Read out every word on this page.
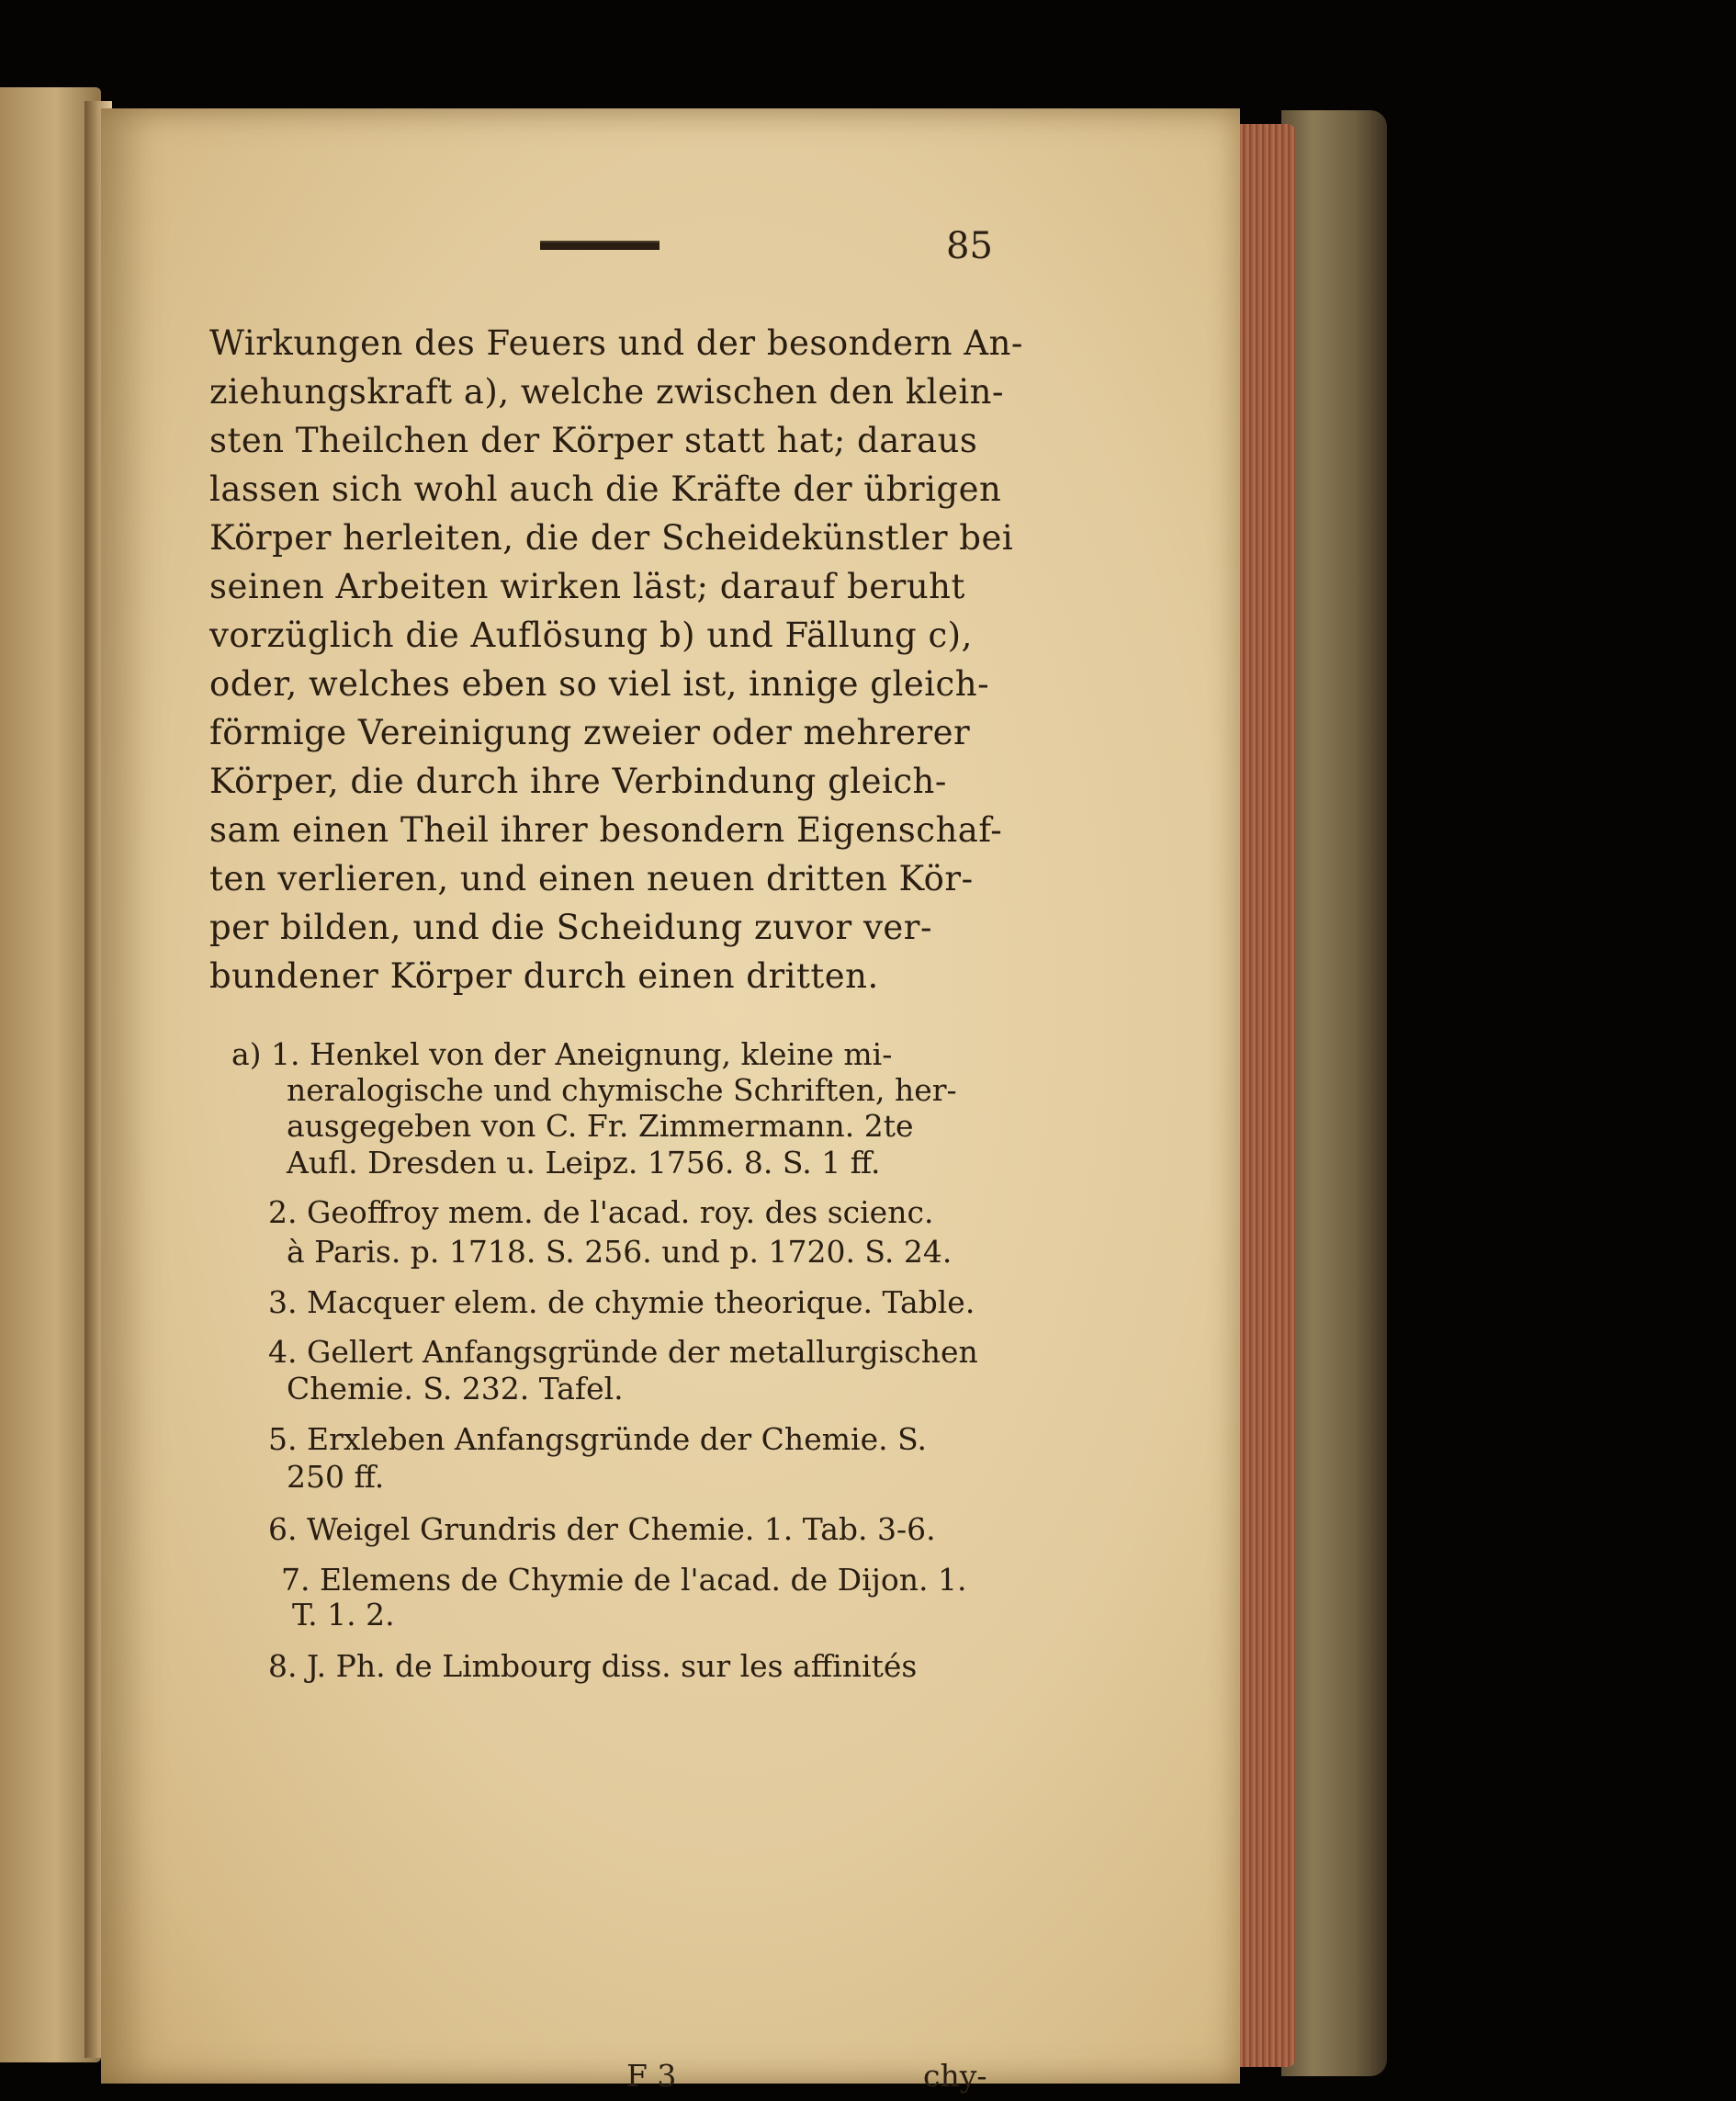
85
Wirkungen des Feuers und der besondern An-
ziehungskraft a), welche zwischen den klein-
sten Theilchen der Körper statt hat; daraus
lassen sich wohl auch die Kräfte der übrigen
Körper herleiten, die der Scheidekünstler bei
seinen Arbeiten wirken läst; darauf beruht
vorzüglich die Auflösung b) und Fällung c),
oder, welches eben so viel ist, innige gleich-
förmige Vereinigung zweier oder mehrerer
Körper, die durch ihre Verbindung gleich-
sam einen Theil ihrer besondern Eigenschaf-
ten verlieren, und einen neuen dritten Kör-
per bilden, und die Scheidung zuvor ver-
bundener Körper durch einen dritten.
a) 1. Henkel von der Aneignung, kleine mi-
neralogische und chymische Schriften, her-
ausgegeben von C. Fr. Zimmermann. 2te
Aufl. Dresden u. Leipz. 1756. 8. S. 1 ff.
2. Geoffroy mem. de l'acad. roy. des scienc.
à Paris. p. 1718. S. 256. und p. 1720. S. 24.
3. Macquer elem. de chymie theorique. Table.
4. Gellert Anfangsgründe der metallurgischen
Chemie. S. 232. Tafel.
5. Erxleben Anfangsgründe der Chemie. S.
250 ff.
6. Weigel Grundris der Chemie. 1. Tab. 3-6.
7. Elemens de Chymie de l'acad. de Dijon. 1.
T. 1. 2.
8. J. Ph. de Limbourg diss. sur les affinités
F 3	chy-
